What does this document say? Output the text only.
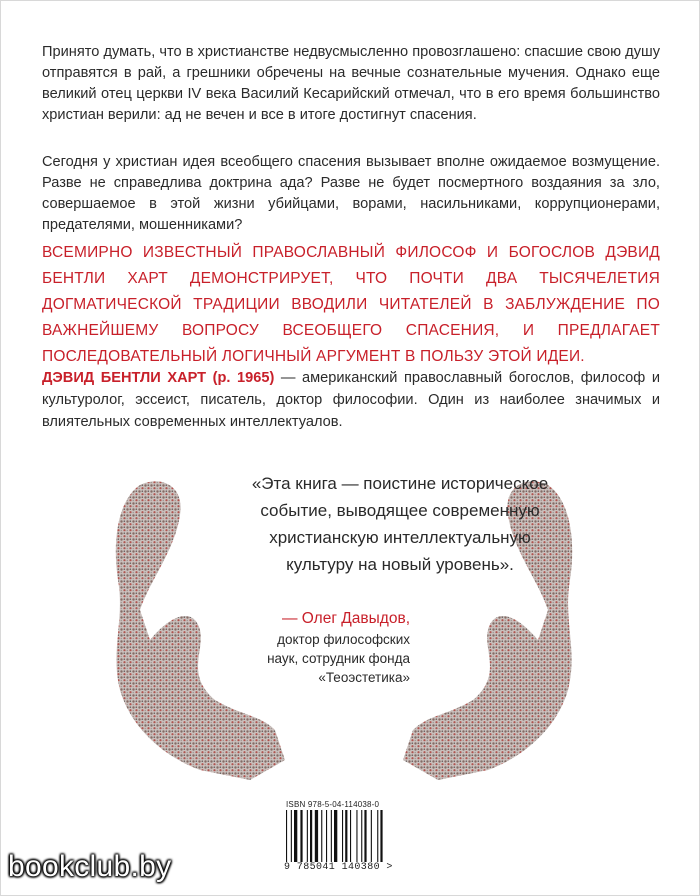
Принято думать, что в христианстве недвусмысленно провозглашено: спасшие свою душу отправятся в рай, а грешники обречены на вечные сознательные мучения. Однако еще великий отец церкви IV века Василий Кесарийский отмечал, что в его время большинство христиан верили: ад не вечен и все в итоге достигнут спасения.
Сегодня у христиан идея всеобщего спасения вызывает вполне ожидаемое возмущение. Разве не справедлива доктрина ада? Разве не будет посмертного воздаяния за зло, совершаемое в этой жизни убийцами, ворами, насильниками, коррупционерами, предателями, мошенниками?
ВСЕМИРНО ИЗВЕСТНЫЙ ПРАВОСЛАВНЫЙ ФИЛОСОФ И БОГОСЛОВ ДЭВИД БЕНТЛИ ХАРТ ДЕМОНСТРИРУЕТ, ЧТО ПОЧТИ ДВА ТЫСЯЧЕЛЕТИЯ ДОГМАТИЧЕСКОЙ ТРАДИЦИИ ВВОДИЛИ ЧИТАТЕЛЕЙ В ЗАБЛУЖДЕНИЕ ПО ВАЖНЕЙШЕМУ ВОПРОСУ ВСЕОБЩЕГО СПАСЕНИЯ, И ПРЕДЛАГАЕТ ПОСЛЕДОВАТЕЛЬНЫЙ ЛОГИЧНЫЙ АРГУМЕНТ В ПОЛЬЗУ ЭТОЙ ИДЕИ.
ДЭВИД БЕНТЛИ ХАРТ (р. 1965) — американский православный богослов, философ и культуролог, эссеист, писатель, доктор философии. Один из наиболее значимых и влиятельных современных интеллектуалов.
«Эта книга — поистине историческое событие, выводящее современную христианскую интеллектуальную культуру на новый уровень».
— Олег Давыдов,
доктор философских наук, сотрудник фонда «Теоэстетика»
ISBN 978-5-04-114038-0
9 785041 140380 >
bookclub.by
